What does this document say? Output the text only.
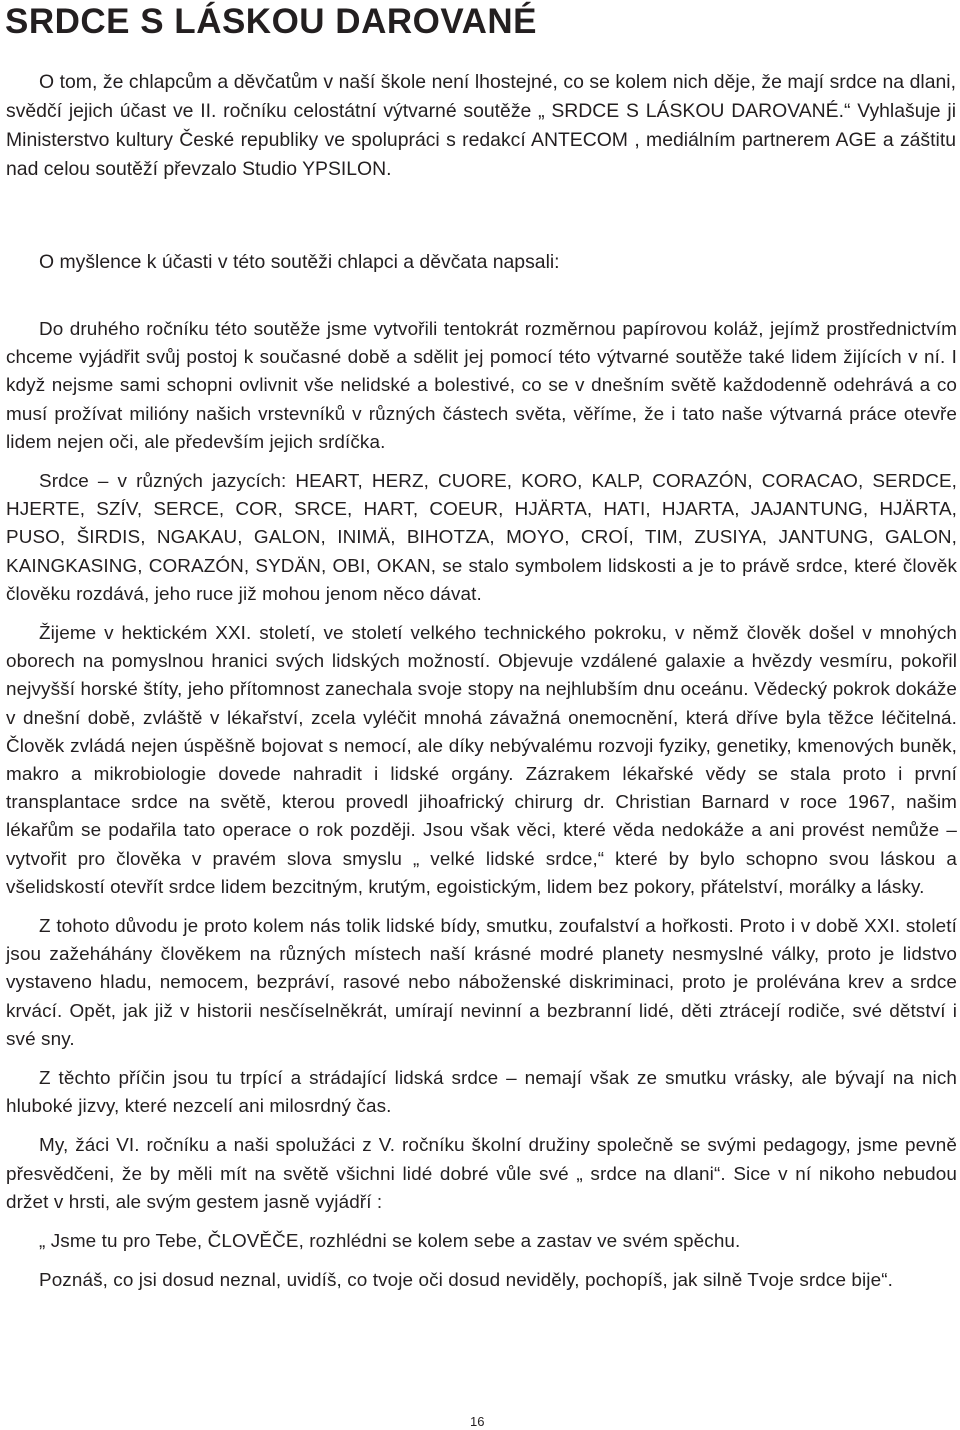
SRDCE S LÁSKOU DAROVANÉ

O tom, že chlapcům a děvčatům v naší škole není lhostejné, co se kolem nich děje, že mají srdce na dlani, svědčí jejich účast ve II. ročníku celostátní výtvarné soutěže „ SRDCE S LÁSKOU DAROVANÉ.“ Vyhlašuje ji Ministerstvo kultury České republiky ve spolupráci s redakcí ANTECOM , mediálním partnerem AGE a záštitu nad celou soutěží převzalo Studio YPSILON.

O myšlence k účasti v této soutěži chlapci a děvčata napsali:

Do druhého ročníku této soutěže jsme vytvořili tentokrát rozměrnou papírovou koláž, jejímž prostřednictvím chceme vyjádřit svůj postoj k současné době a sdělit jej pomocí této výtvarné soutěže také lidem žijících v ní. I když nejsme sami schopni ovlivnit vše nelidské a bolestivé, co se v dnešním světě každodenně odehrává a co musí prožívat milióny našich vrstevníků v různých částech světa, věříme, že i tato naše výtvarná práce otevře lidem nejen oči, ale především jejich srdíčka.

Srdce – v různých jazycích: HEART, HERZ, CUORE, KORO, KALP, CORAZÓN, CORACAO, SERDCE, HJERTE, SZÍV, SERCE, COR, SRCE, HART, COEUR, HJÄRTA, HATI, HJARTA, JAJANTUNG, HJÄRTA, PUSO, ŠIRDIS, NGAKAU, GALON, INIMÄ, BIHOTZA, MOYO, CROÍ, TIM, ZUSIYA, JANTUNG, GALON, KAINGKASING, CORAZÓN, SYDÄN, OBI, OKAN, se stalo symbolem lidskosti a je to právě srdce, které člověk člověku rozdává, jeho ruce již mohou jenom něco dávat.

Žijeme v hektickém XXI. století, ve století velkého technického pokroku, v němž člověk došel v mnohých oborech na pomyslnou hranici svých lidských možností. Objevuje vzdálené galaxie a hvězdy vesmíru, pokořil nejvyšší horské štíty, jeho přítomnost zanechala svoje stopy na nejhlubším dnu oceánu. Vědecký pokrok dokáže v dnešní době, zvláště v lékařství, zcela vyléčit mnohá závažná onemocnění, která dříve byla těžce léčitelná. Člověk zvládá nejen úspěšně bojovat s nemocí, ale díky nebývalému rozvoji fyziky, genetiky, kmenových buněk, makro a mikrobiologie dovede nahradit i lidské orgány. Zázrakem lékařské vědy se stala proto i první transplantace srdce na světě, kterou provedl jihoafrický chirurg dr. Christian Barnard v roce 1967, našim lékařům se podařila tato operace o rok později. Jsou však věci, které věda nedokáže a ani provést nemůže – vytvořit pro člověka v pravém slova smyslu „ velké lidské srdce,“ které by bylo schopno svou láskou a všelidskostí otevřít srdce lidem bezcitným, krutým, egoistickým, lidem bez pokory, přátelství, morálky a lásky.

Z tohoto důvodu je proto kolem nás tolik lidské bídy, smutku, zoufalství a hořkosti. Proto i v době XXI. století jsou zažeháhány člověkem na různých místech naší krásné modré planety nesmyslné války, proto je lidstvo vystaveno hladu, nemocem, bezpráví, rasové nebo náboženské diskriminaci, proto je prolévána krev a srdce krvácí. Opět, jak již v historii nesčíselněkrát, umírají nevinní a bezbranní lidé, děti ztrácejí rodiče, své dětství i své sny.

Z těchto příčin jsou tu trpící a strádající lidská srdce – nemají však ze smutku vrásky, ale bývají na nich hluboké jizvy, které nezcelí ani milosrdný čas.

My, žáci VI. ročníku a naši spolužáci z V. ročníku školní družiny společně se svými pedagogy, jsme pevně přesvědčeni, že by měli mít na světě všichni lidé dobré vůle své „ srdce na dlani“. Sice v ní nikoho nebudou držet v hrsti, ale svým gestem jasně vyjádří :

„ Jsme tu pro Tebe, ČLOVĚČE, rozhlédni se kolem sebe a zastav ve svém spěchu.

Poznáš, co jsi dosud neznal, uvidíš, co tvoje oči dosud neviděly, pochopíš, jak silně Tvoje srdce bije“.

16
